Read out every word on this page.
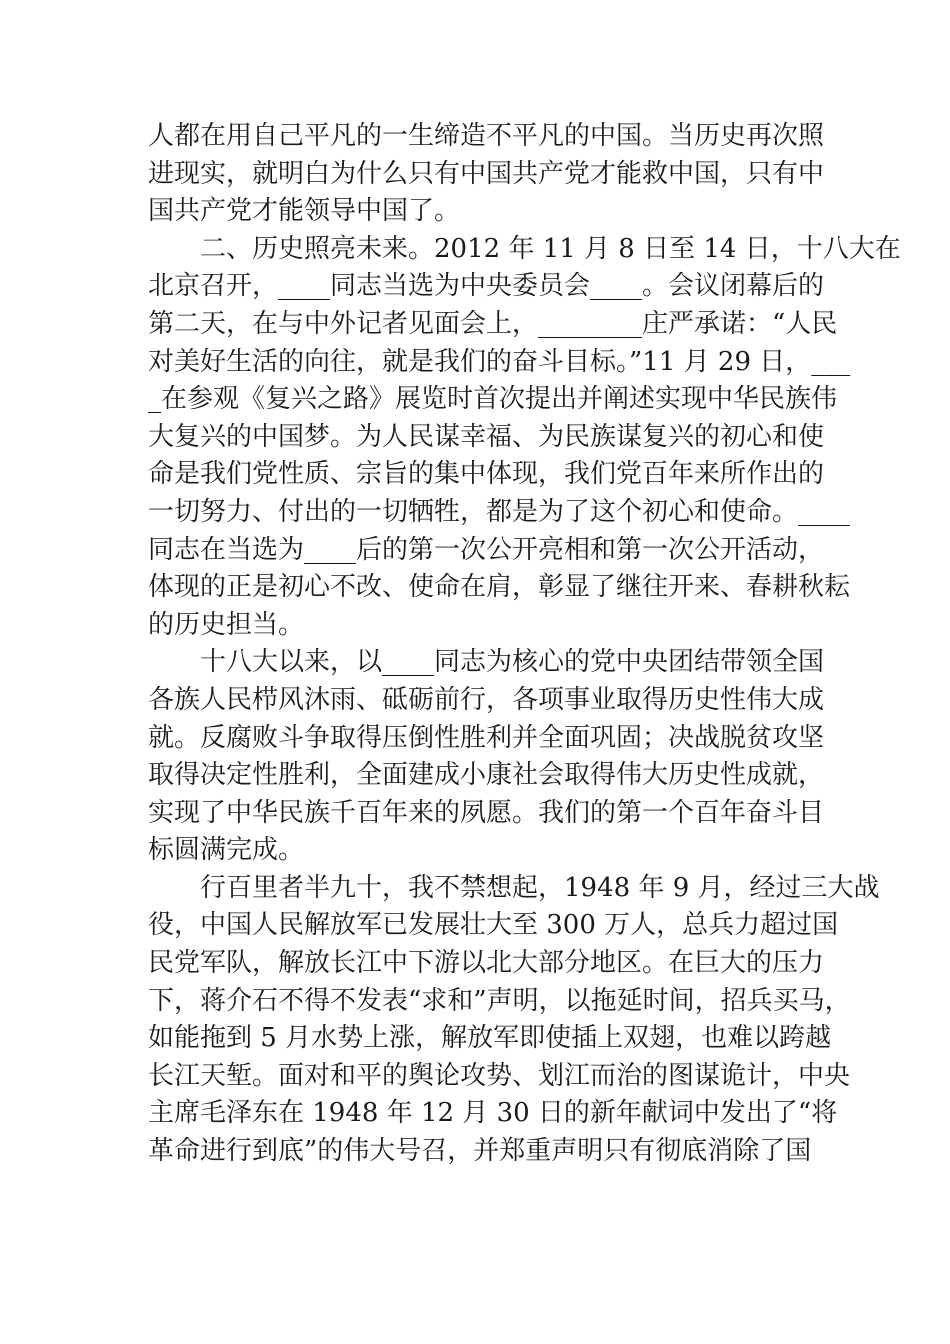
人都在用自己平凡的一生缔造不平凡的中国。当历史再次照
进现实，就明白为什么只有中国共产党才能救中国，只有中
国共产党才能领导中国了。
二、历史照亮未来。2012 年 11 月 8 日至 14 日，十八大在
北京召开，____同志当选为中央委员会____。会议闭幕后的
第二天，在与中外记者见面会上，________庄严承诺：“人民
对美好生活的向往，就是我们的奋斗目标。”11 月 29 日，___
_在参观《复兴之路》展览时首次提出并阐述实现中华民族伟
大复兴的中国梦。为人民谋幸福、为民族谋复兴的初心和使
命是我们党性质、宗旨的集中体现，我们党百年来所作出的
一切努力、付出的一切牺牲，都是为了这个初心和使命。____
同志在当选为____后的第一次公开亮相和第一次公开活动，
体现的正是初心不改、使命在肩，彰显了继往开来、春耕秋耘
的历史担当。
十八大以来，以____同志为核心的党中央团结带领全国
各族人民栉风沐雨、砥砺前行，各项事业取得历史性伟大成
就。反腐败斗争取得压倒性胜利并全面巩固；决战脱贫攻坚
取得决定性胜利，全面建成小康社会取得伟大历史性成就，
实现了中华民族千百年来的夙愿。我们的第一个百年奋斗目
标圆满完成。
行百里者半九十，我不禁想起，1948 年 9 月，经过三大战
役，中国人民解放军已发展壮大至 300 万人，总兵力超过国
民党军队，解放长江中下游以北大部分地区。在巨大的压力
下，蒋介石不得不发表“求和”声明，以拖延时间，招兵买马，
如能拖到 5 月水势上涨，解放军即使插上双翅，也难以跨越
长江天堑。面对和平的舆论攻势、划江而治的图谋诡计，中央
主席毛泽东在 1948 年 12 月 30 日的新年献词中发出了“将
革命进行到底”的伟大号召，并郑重声明只有彻底消除了国
